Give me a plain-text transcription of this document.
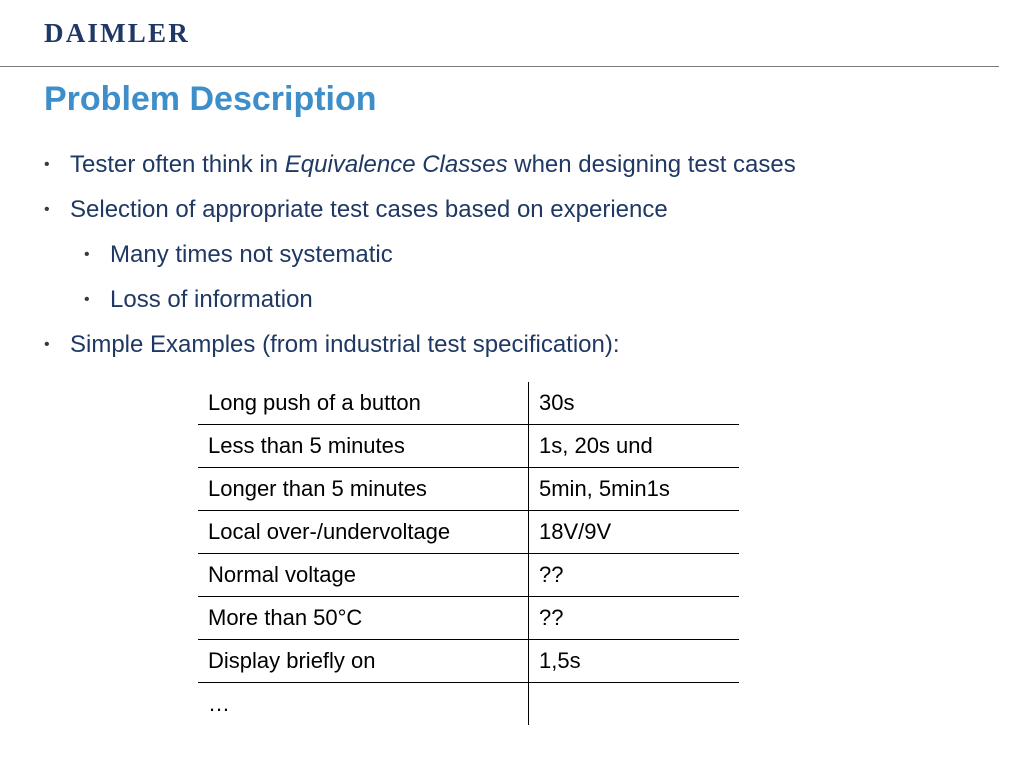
DAIMLER
Problem Description
• Tester often think in Equivalence Classes when designing test cases
• Selection of appropriate test cases based on experience
• Many times not systematic
• Loss of information
• Simple Examples (from industrial test specification):
Long push of a button	30s
Less than 5 minutes	1s, 20s und
Longer than 5 minutes	5min, 5min1s
Local over-/undervoltage	18V/9V
Normal voltage	??
More than 50°C	??
Display briefly on	1,5s
…	
